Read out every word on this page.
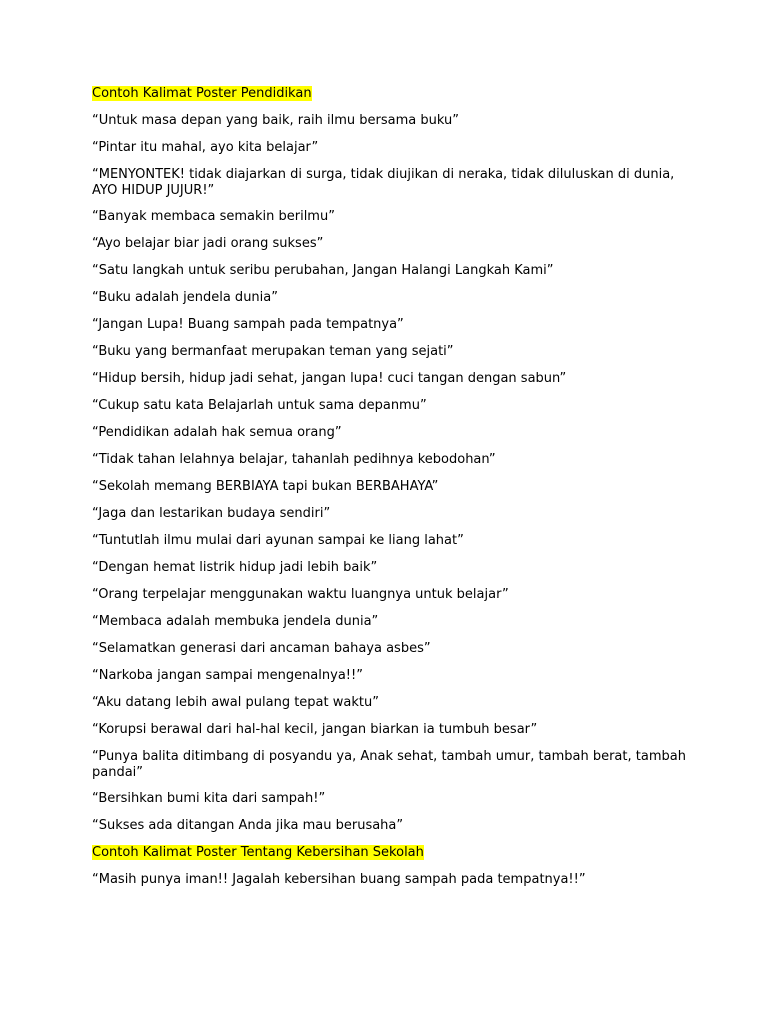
Contoh Kalimat Poster Pendidikan

“Untuk masa depan yang baik, raih ilmu bersama buku”

“Pintar itu mahal, ayo kita belajar”

“MENYONTEK! tidak diajarkan di surga, tidak diujikan di neraka, tidak diluluskan di dunia, AYO HIDUP JUJUR!”

“Banyak membaca semakin berilmu”

“Ayo belajar biar jadi orang sukses”

“Satu langkah untuk seribu perubahan, Jangan Halangi Langkah Kami”

“Buku adalah jendela dunia”

“Jangan Lupa! Buang sampah pada tempatnya”

“Buku yang bermanfaat merupakan teman yang sejati”

“Hidup bersih, hidup jadi sehat, jangan lupa! cuci tangan dengan sabun”

“Cukup satu kata Belajarlah untuk sama depanmu”

“Pendidikan adalah hak semua orang”

“Tidak tahan lelahnya belajar, tahanlah pedihnya kebodohan”

“Sekolah memang BERBIAYA tapi bukan BERBAHAYA”

“Jaga dan lestarikan budaya sendiri”

“Tuntutlah ilmu mulai dari ayunan sampai ke liang lahat”

“Dengan hemat listrik hidup jadi lebih baik”

“Orang terpelajar menggunakan waktu luangnya untuk belajar”

“Membaca adalah membuka jendela dunia”

“Selamatkan generasi dari ancaman bahaya asbes”

“Narkoba jangan sampai mengenalnya!!”

“Aku datang lebih awal pulang tepat waktu”

“Korupsi berawal dari hal-hal kecil, jangan biarkan ia tumbuh besar”

“Punya balita ditimbang di posyandu ya, Anak sehat, tambah umur, tambah berat, tambah pandai”

“Bersihkan bumi kita dari sampah!”

“Sukses ada ditangan Anda jika mau berusaha”

Contoh Kalimat Poster Tentang Kebersihan Sekolah

“Masih punya iman!! Jagalah kebersihan buang sampah pada tempatnya!!”
